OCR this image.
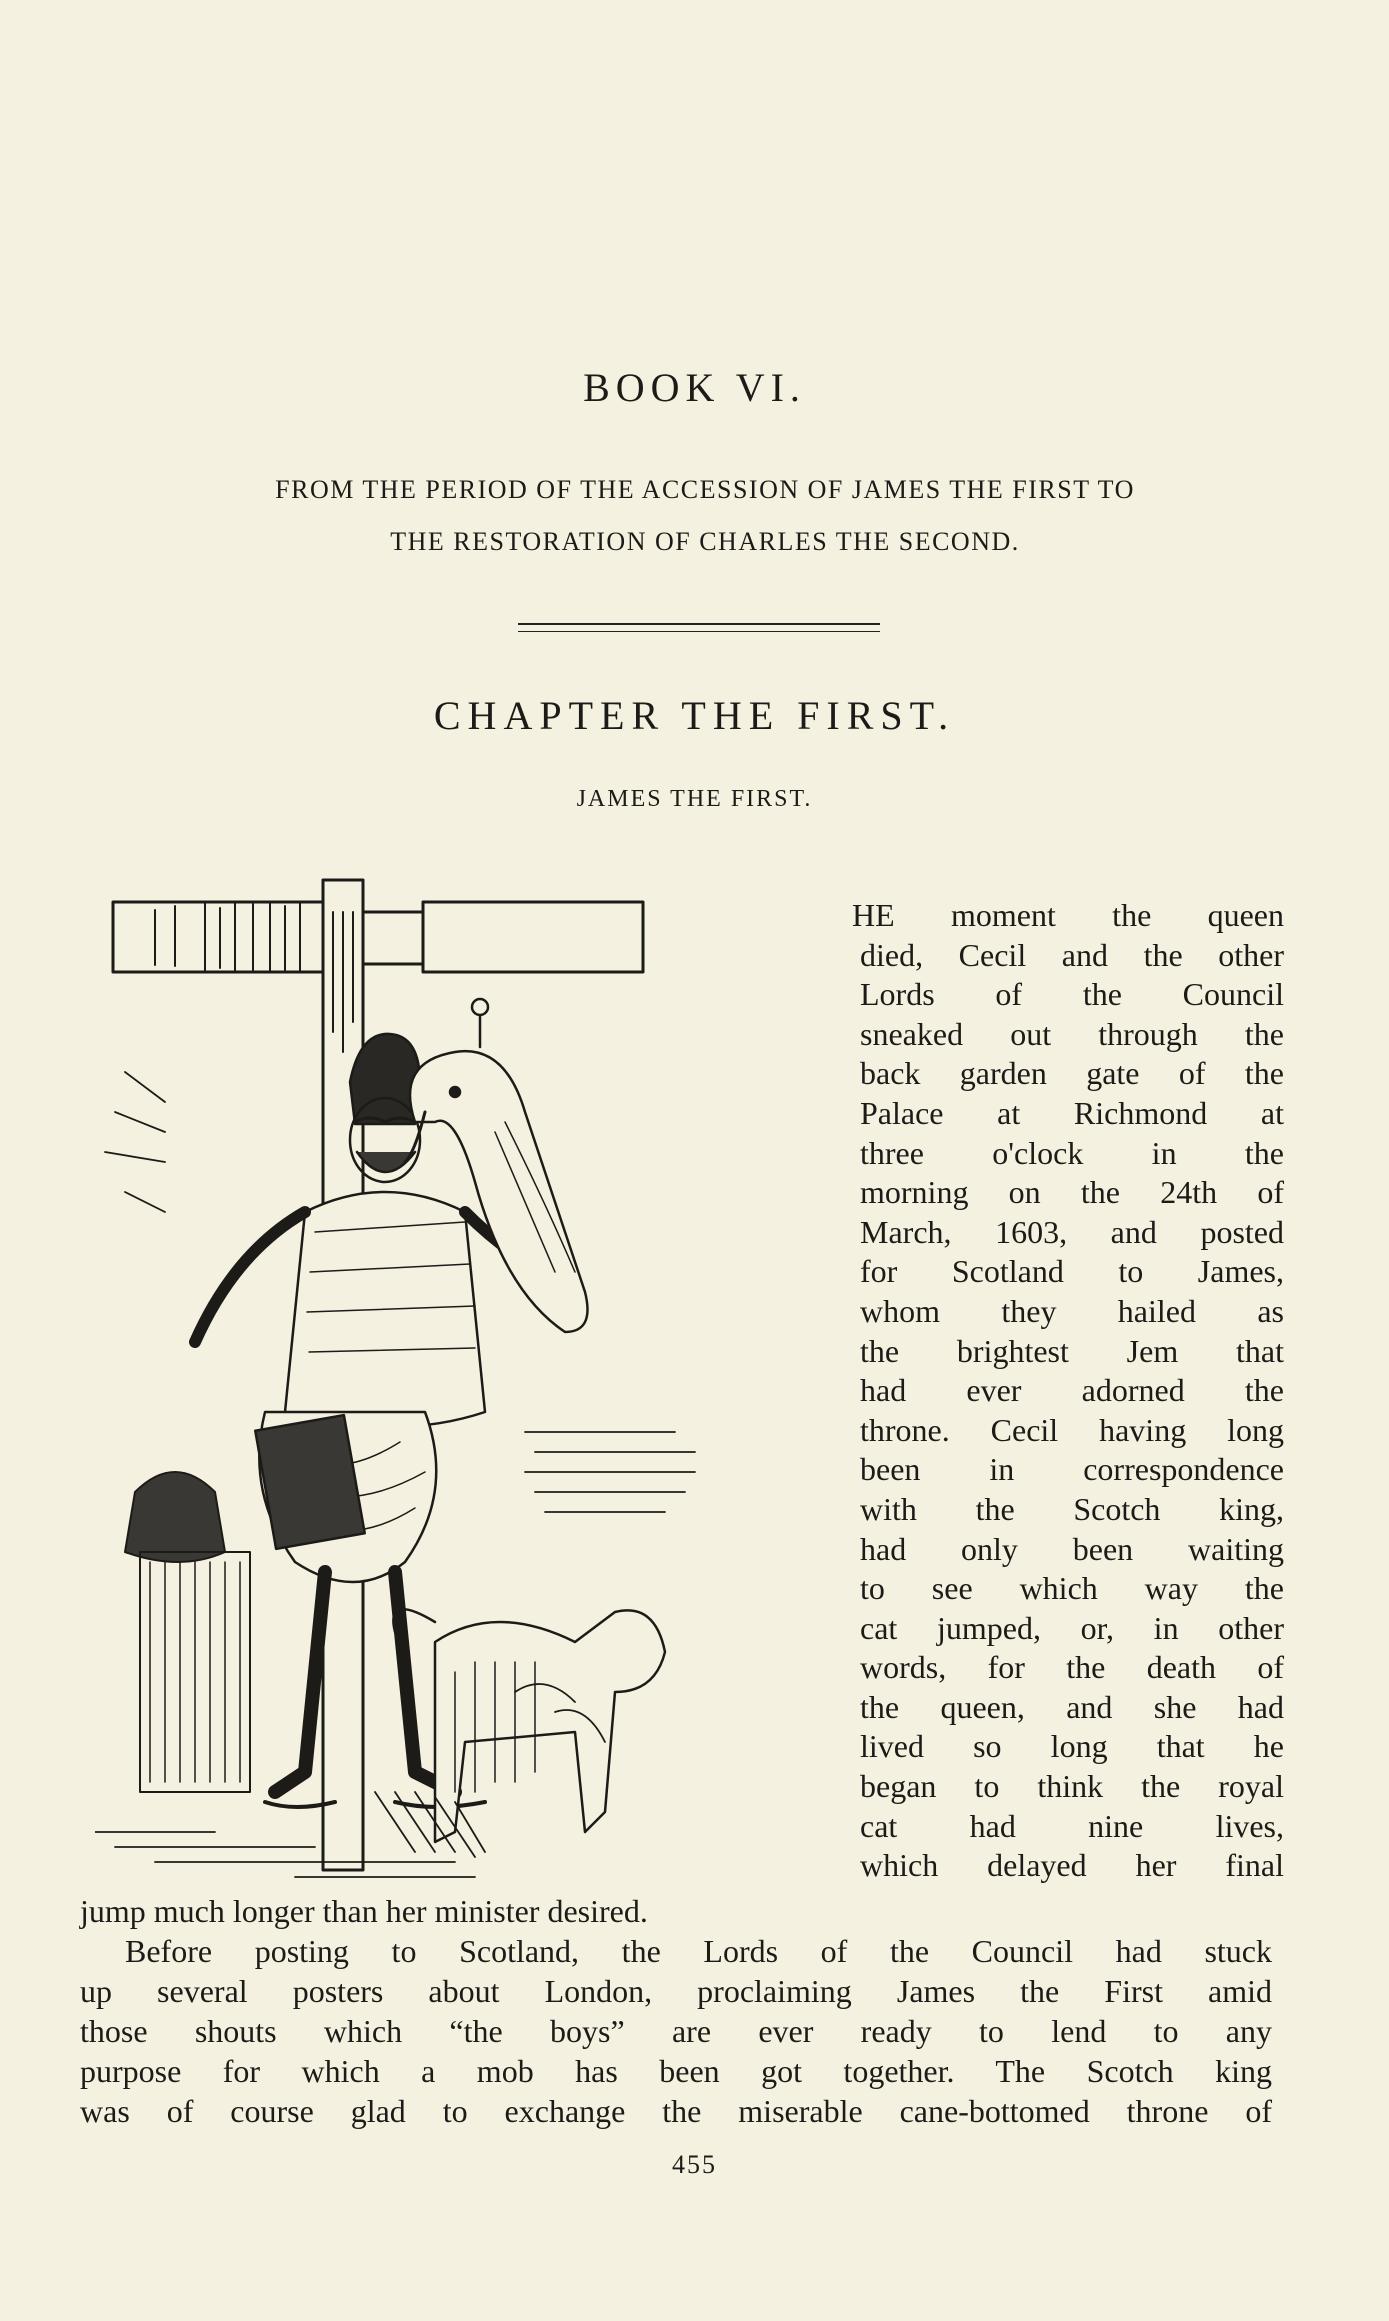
BOOK VI.
FROM THE PERIOD OF THE ACCESSION OF JAMES THE FIRST TO
THE RESTORATION OF CHARLES THE SECOND.
CHAPTER THE FIRST.
JAMES THE FIRST.
HE moment the queen
died, Cecil and the other
Lords of the Council
sneaked out through the
back garden gate of the
Palace at Richmond at
three o'clock in the
morning on the 24th of
March, 1603, and posted
for Scotland to James,
whom they hailed as
the brightest Jem that
had ever adorned the
throne. Cecil having long
been in correspondence
with the Scotch king,
had only been waiting
to see which way the
cat jumped, or, in other
words, for the death of
the queen, and she had
lived so long that he
began to think the royal
cat had nine lives,
which delayed her final
jump much longer than her minister desired.
Before posting to Scotland, the Lords of the Council had stuck
up several posters about London, proclaiming James the First amid
those shouts which “the boys” are ever ready to lend to any
purpose for which a mob has been got together. The Scotch king
was of course glad to exchange the miserable cane-bottomed throne of
455
